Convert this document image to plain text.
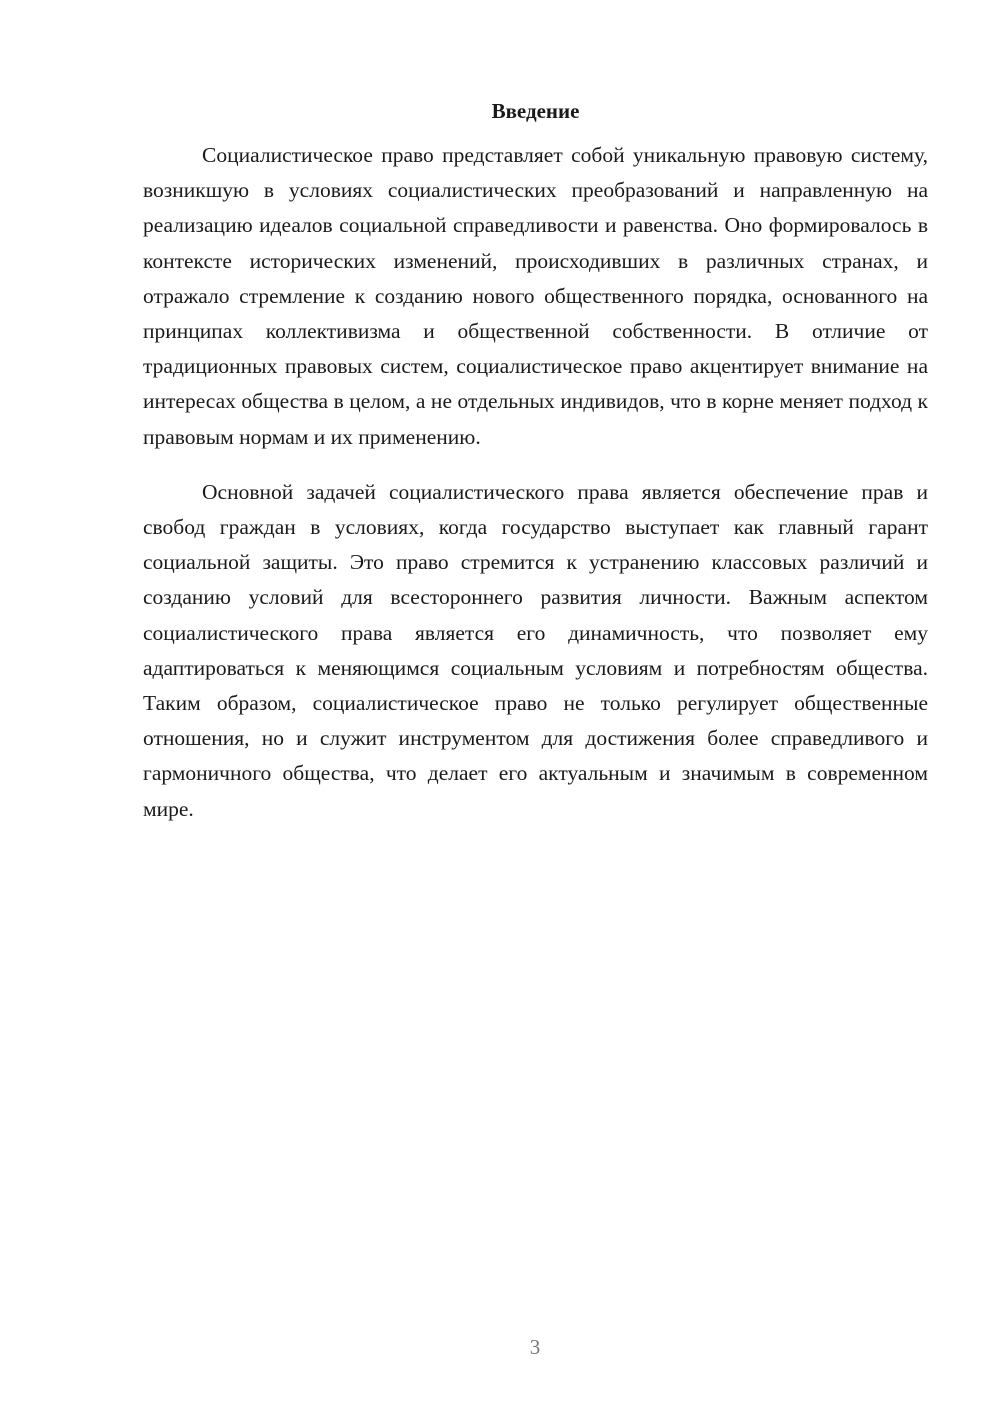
Введение

Социалистическое право представляет собой уникальную правовую систему, возникшую в условиях социалистических преобразований и направленную на реализацию идеалов социальной справедливости и равенства. Оно формировалось в контексте исторических изменений, происходивших в различных странах, и отражало стремление к созданию нового общественного порядка, основанного на принципах коллективизма и общественной собственности. В отличие от традиционных правовых систем, социалистическое право акцентирует внимание на интересах общества в целом, а не отдельных индивидов, что в корне меняет подход к правовым нормам и их применению.

Основной задачей социалистического права является обеспечение прав и свобод граждан в условиях, когда государство выступает как главный гарант социальной защиты. Это право стремится к устранению классовых различий и созданию условий для всестороннего развития личности. Важным аспектом социалистического права является его динамичность, что позволяет ему адаптироваться к меняющимся социальным условиям и потребностям общества. Таким образом, социалистическое право не только регулирует общественные отношения, но и служит инструментом для достижения более справедливого и гармоничного общества, что делает его актуальным и значимым в современном мире.

3
